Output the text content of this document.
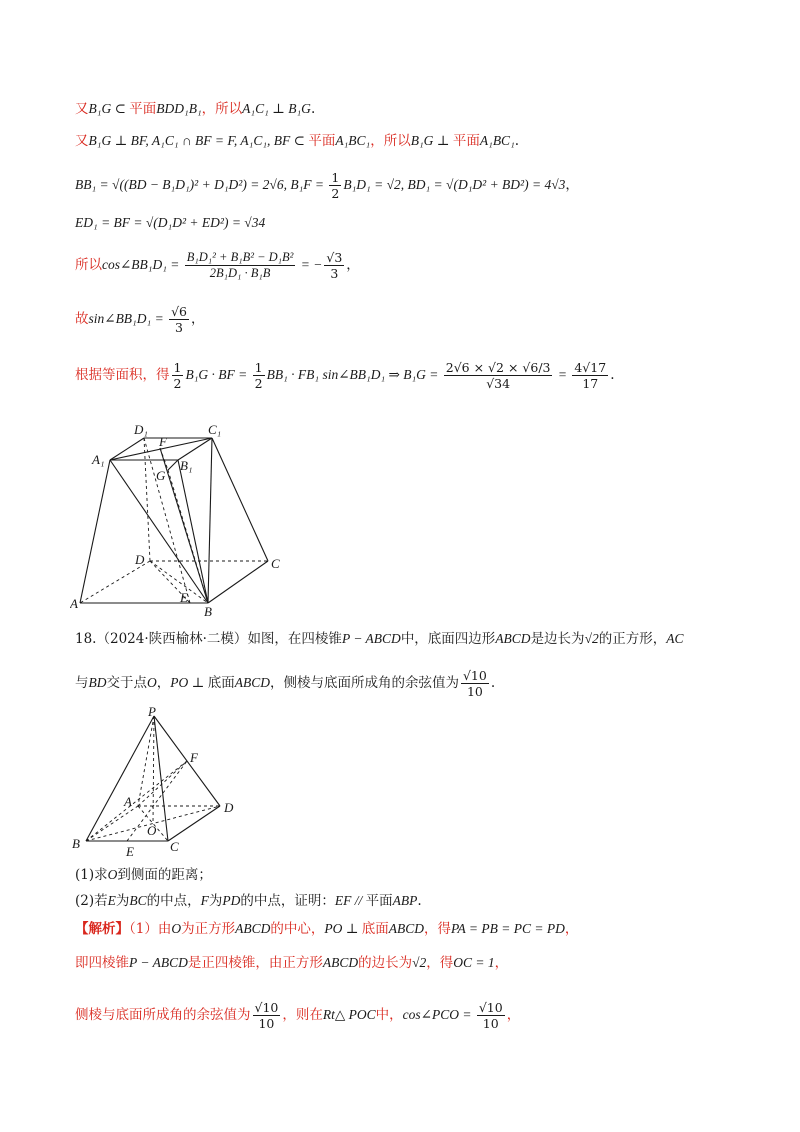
又B₁G ⊂ 平面BDD₁B₁，所以A₁C₁ ⊥ B₁G.
又B₁G ⊥ BF, A₁C₁ ∩ BF = F, A₁C₁, BF ⊂ 平面A₁BC₁，所以B₁G ⊥ 平面A₁BC₁.
BB₁ = √((BD − B₁D₁)² + D₁D²) = 2√6, $B_1F = \frac{1}{2} B_1D_1 = √2$, BD₁ = √(D₁D² + BD²) = 4√3，
ED₁ = BF = √(D₁D² + ED²) = √34
所以cos∠BB₁D₁ = $\frac{\text{B₁D₁² + B₁B² − D₁B²}}{\text{2B₁D₁ · B₁B}}$ = − $\frac{√3}{3}$ ，
故sin∠BB₁D₁ = $\frac{√6}{3}$ ，
根据等面积，得 $\frac{1}{2} B_1G$ · BF = $\frac{1}{2} BB_1 \cdot FB_1$ sin∠BB₁D₁ ⇒ $B_1G = \frac{2√6 \times √2 \times √6/3}{√34} = \frac{4√17}{17}$ .
D₁
F
C₁
A₁	B₁
G
D	C
A	E
B
18.（2024·陕西榆林·二模）如图，在四棱锥P − ABCD中，底面四边形ABCD是边长为√2的正方形，AC
与BD交于点O，PO ⊥ 底面ABCD，侧棱与底面所成角的余弦值为 $\frac{√10}{10}$ .
P
F
A	D
O
B
E	C
(1)求O到侧面的距离；
(2)若E为BC的中点，F为PD的中点，证明：EF // 平面ABP.
【解析】（1）由O为正方形ABCD的中心，PO ⊥ 底面ABCD，得PA = PB = PC = PD，
即四棱锥P − ABCD是正四棱锥，由正方形ABCD的边长为√2，得OC = 1，
侧棱与底面所成角的余弦值为 $\frac{√10}{10}$ ，则在Rt△ POC中，cos∠PCO = $\frac{√10}{10}$ ，
